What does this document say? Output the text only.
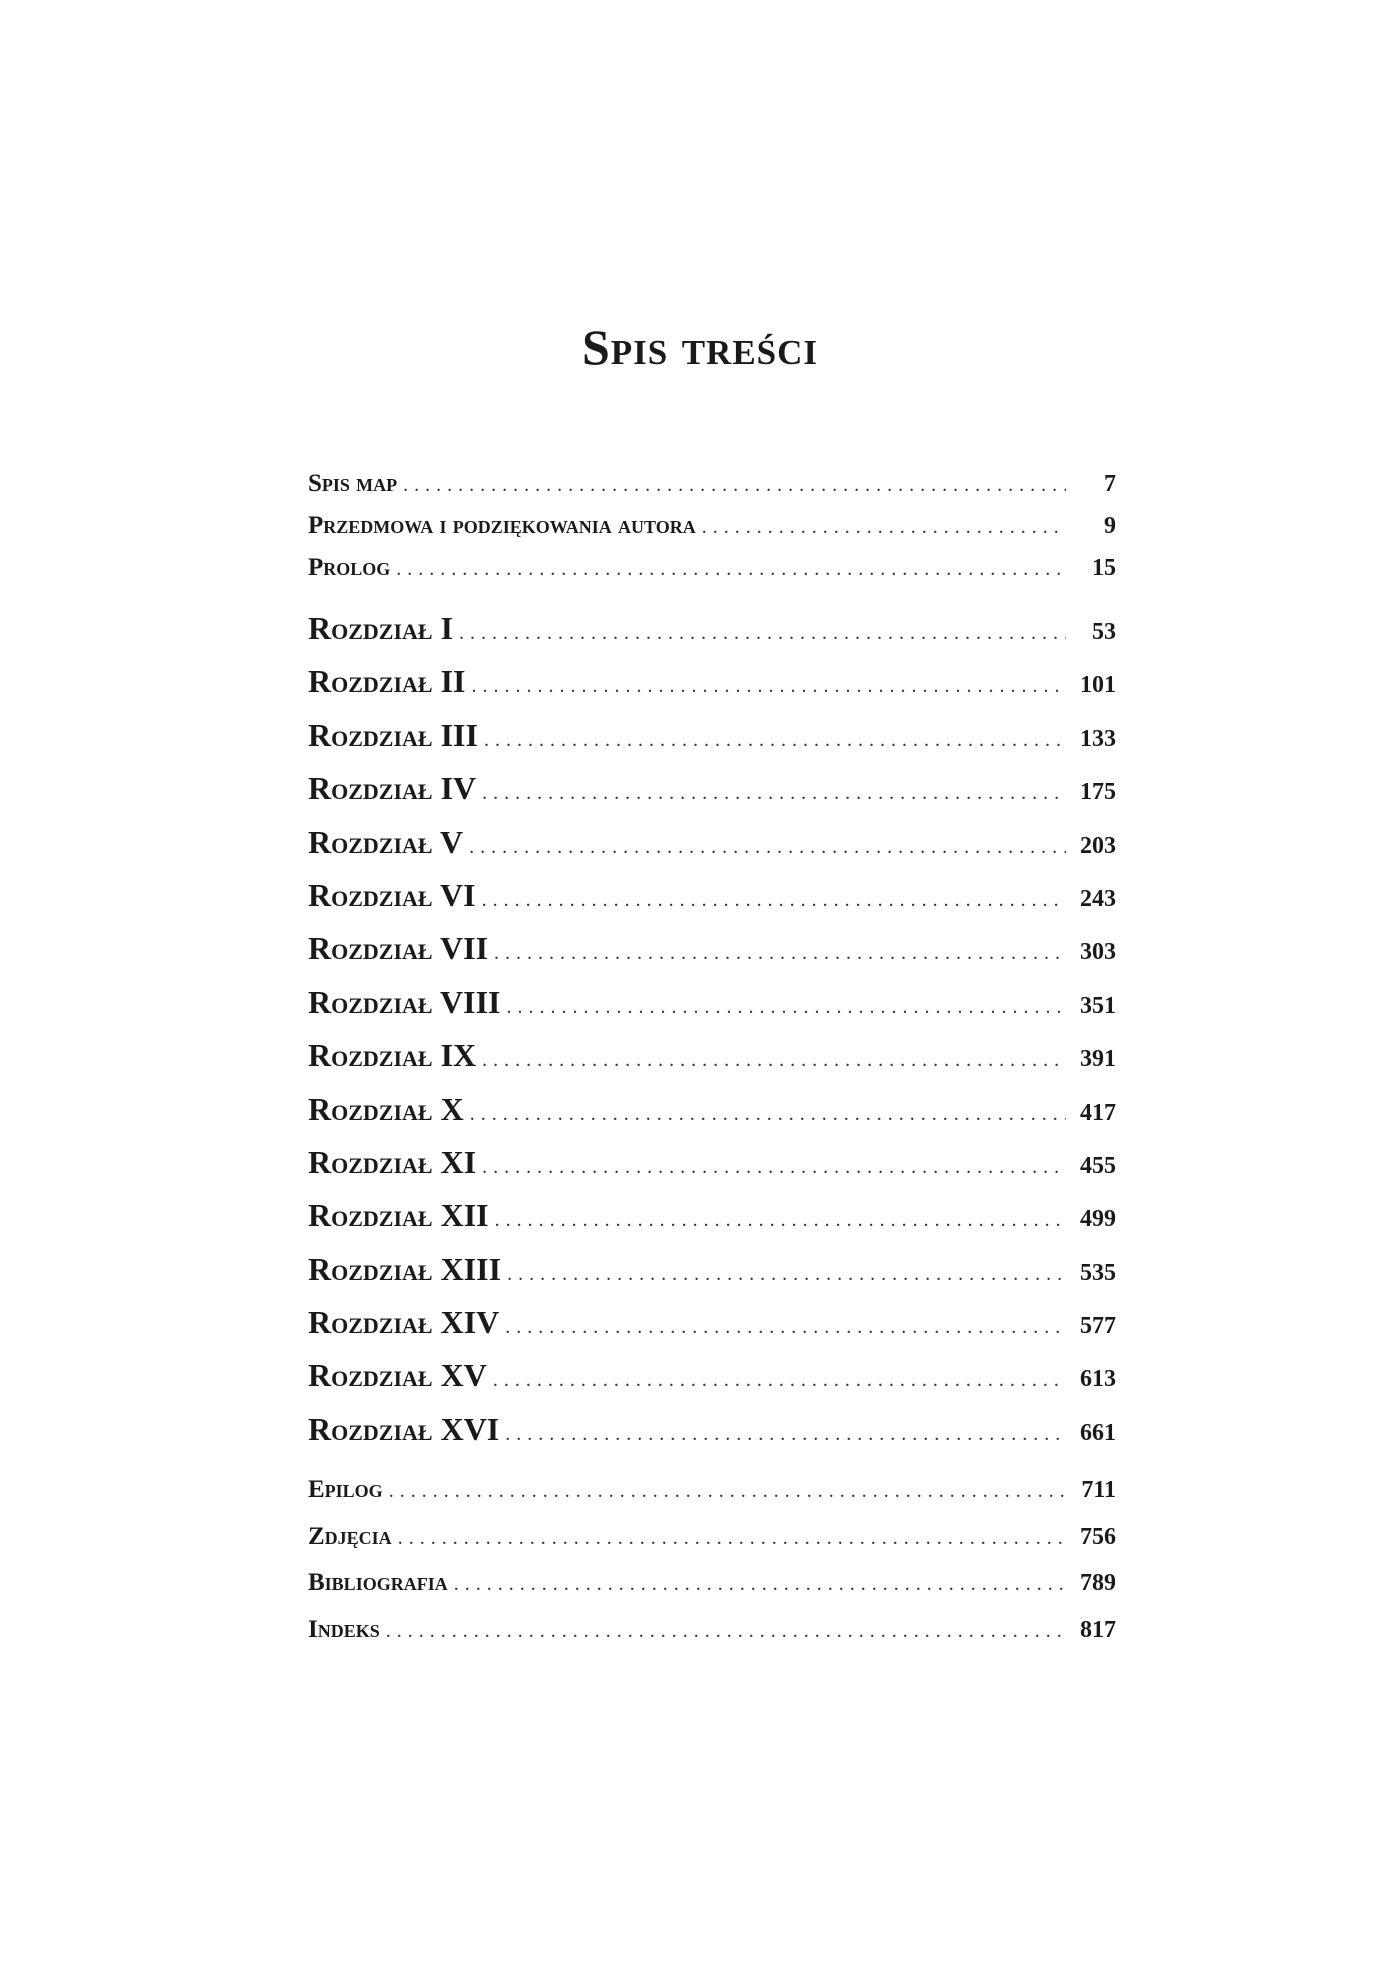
Spis treści
Spis map .....	7
Przedmowa i podziękowania autora .....	9
Prolog .....	15
Rozdział I .....	53
Rozdział II .....	101
Rozdział III .....	133
Rozdział IV .....	175
Rozdział V .....	203
Rozdział VI .....	243
Rozdział VII .....	303
Rozdział VIII .....	351
Rozdział IX .....	391
Rozdział X .....	417
Rozdział XI .....	455
Rozdział XII .....	499
Rozdział XIII .....	535
Rozdział XIV .....	577
Rozdział XV .....	613
Rozdział XVI .....	661
Epilog .....	711
Zdjęcia .....	756
Bibliografia .....	789
Indeks .....	817
